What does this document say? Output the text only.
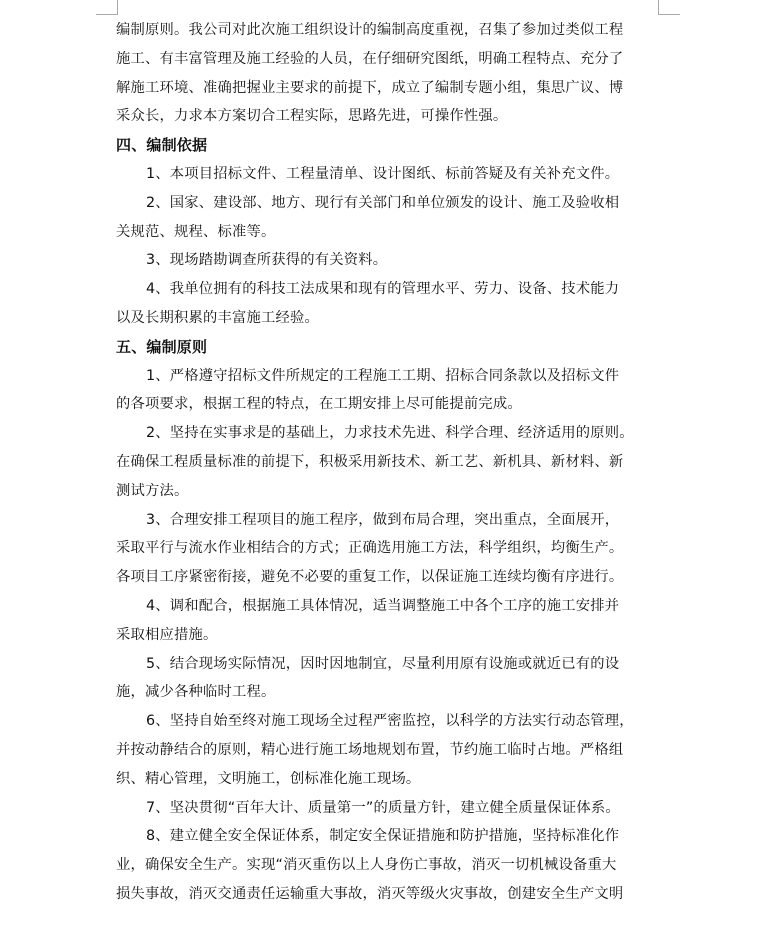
编制原则。我公司对此次施工组织设计的编制高度重视，召集了参加过类似工程
施工、有丰富管理及施工经验的人员，在仔细研究图纸，明确工程特点、充分了
解施工环境、准确把握业主要求的前提下，成立了编制专题小组，集思广议、博
采众长，力求本方案切合工程实际，思路先进，可操作性强。
四、编制依据
1、本项目招标文件、工程量清单、设计图纸、标前答疑及有关补充文件。
2、国家、建设部、地方、现行有关部门和单位颁发的设计、施工及验收相
关规范、规程、标准等。
3、现场踏勘调查所获得的有关资料。
4、我单位拥有的科技工法成果和现有的管理水平、劳力、设备、技术能力
以及长期积累的丰富施工经验。
五、编制原则
1、严格遵守招标文件所规定的工程施工工期、招标合同条款以及招标文件
的各项要求，根据工程的特点，在工期安排上尽可能提前完成。
2、坚持在实事求是的基础上，力求技术先进、科学合理、经济适用的原则。
在确保工程质量标准的前提下，积极采用新技术、新工艺、新机具、新材料、新
测试方法。
3、合理安排工程项目的施工程序，做到布局合理，突出重点，全面展开，
采取平行与流水作业相结合的方式；正确选用施工方法，科学组织，均衡生产。
各项目工序紧密衔接，避免不必要的重复工作，以保证施工连续均衡有序进行。
4、调和配合，根据施工具体情况，适当调整施工中各个工序的施工安排并
采取相应措施。
5、结合现场实际情况，因时因地制宜，尽量利用原有设施或就近已有的设
施，减少各种临时工程。
6、坚持自始至终对施工现场全过程严密监控，以科学的方法实行动态管理，
并按动静结合的原则，精心进行施工场地规划布置，节约施工临时占地。严格组
织、精心管理，文明施工，创标准化施工现场。
7、坚决贯彻“百年大计、质量第一”的质量方针，建立健全质量保证体系。
8、建立健全安全保证体系，制定安全保证措施和防护措施，坚持标准化作
业，确保安全生产。实现“消灭重伤以上人身伤亡事故，消灭一切机械设备重大
损失事故，消灭交通责任运输重大事故，消灭等级火灾事故，创建安全生产文明
